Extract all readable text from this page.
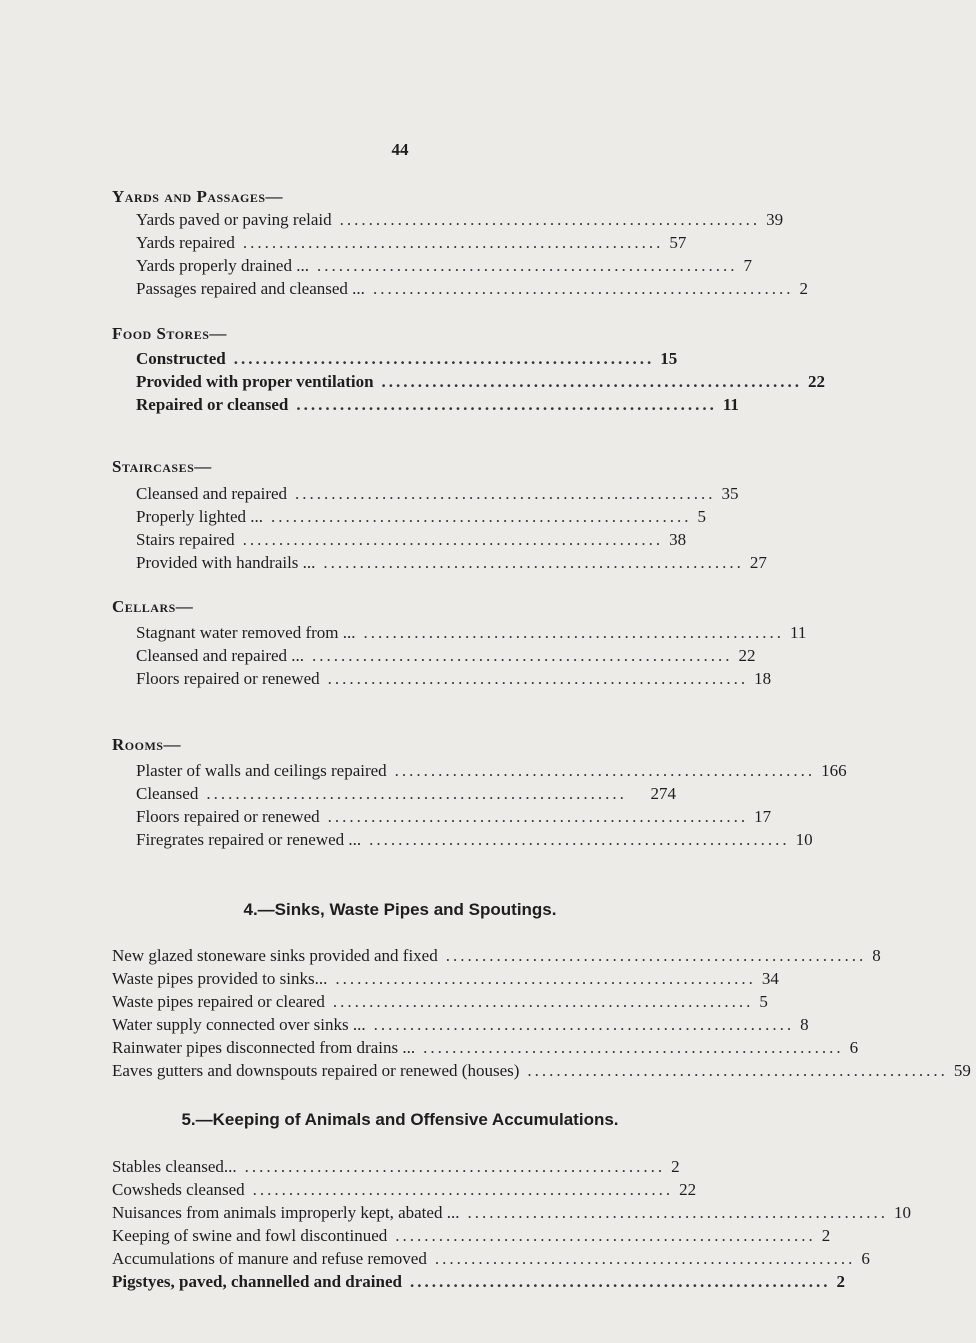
44
Yards and Passages—
Yards paved or paving relaid .......................................................... 39
Yards repaired .......................................................... 57
Yards properly drained ... .......................................................... 7
Passages repaired and cleansed ... .......................................................... 2
Food Stores—
Constructed .......................................................... 15
Provided with proper ventilation .......................................................... 22
Repaired or cleansed .......................................................... 11
Staircases—
Cleansed and repaired .......................................................... 35
Properly lighted ... .......................................................... 5
Stairs repaired .......................................................... 38
Provided with handrails ... .......................................................... 27
Cellars—
Stagnant water removed from ... .......................................................... 11
Cleansed and repaired ... .......................................................... 22
Floors repaired or renewed .......................................................... 18
Rooms—
Plaster of walls and ceilings repaired .......................................................... 166
Cleansed ..........................................................	274
Floors repaired or renewed .......................................................... 17
Firegrates repaired or renewed ... .......................................................... 10
4.—Sinks, Waste Pipes and Spoutings.
New glazed stoneware sinks provided and fixed .......................................................... 8
Waste pipes provided to sinks... .......................................................... 34
Waste pipes repaired or cleared .......................................................... 5
Water supply connected over sinks ... .......................................................... 8
Rainwater pipes disconnected from drains ... .......................................................... 6
Eaves gutters and downspouts repaired or renewed (houses) .......................................................... 59
5.—Keeping of Animals and Offensive Accumulations.
Stables cleansed... .......................................................... 2
Cowsheds cleansed .......................................................... 22
Nuisances from animals improperly kept, abated ... .......................................................... 10
Keeping of swine and fowl discontinued .......................................................... 2
Accumulations of manure and refuse removed .......................................................... 6
Pigstyes, paved, channelled and drained .......................................................... 2
